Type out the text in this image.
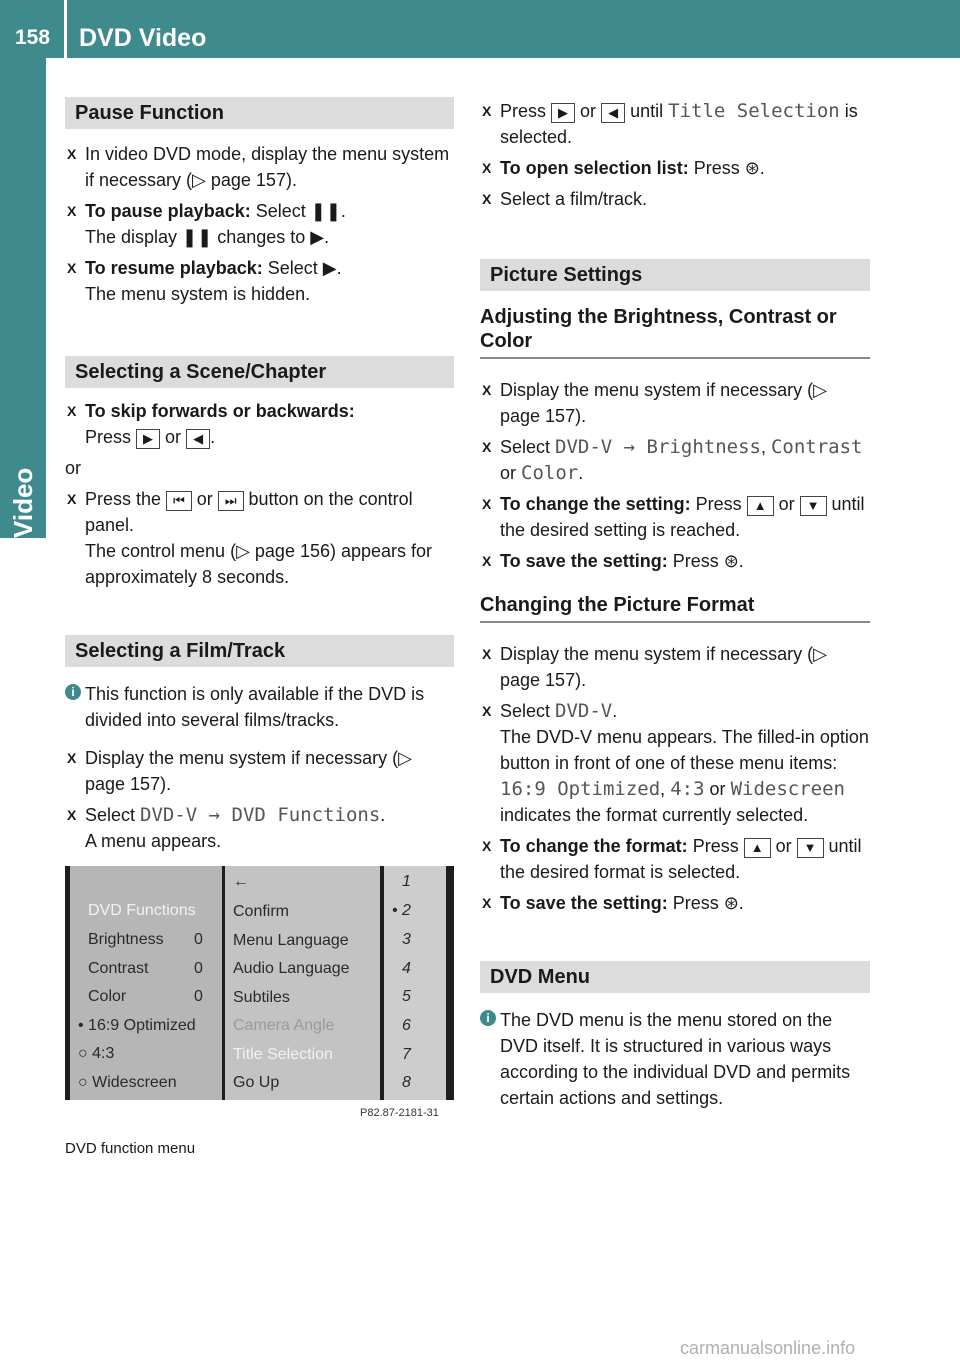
158 DVD Video
Video
Pause Function
X In video DVD mode, display the menu system if necessary (▷ page 157).
X To pause playback: Select ❚❚.
The display ❚❚ changes to ▶.
X To resume playback: Select ▶.
The menu system is hidden.
Selecting a Scene/Chapter
X To skip forwards or backwards:
Press ▶ or ◀ .
or
X Press the ⏮ or ⏭ button on the control panel.
The control menu (▷ page 156) appears for approximately 8 seconds.
Selecting a Film/Track
i This function is only available if the DVD is divided into several films/tracks.
X Display the menu system if necessary (▷ page 157).
X Select DVD-V → DVD Functions.
A menu appears.
DVD Functions
Brightness 0
Contrast	0
Color	0
• 16:9 Optimized
○ 4:3
○ Widescreen
←
Confirm
Menu Language
Audio Language
Subtiles
Camera Angle
Title Selection
Go Up
1
• 2
3
4
5
6
7
8
P82.87-2181-31
DVD function menu
X Press ▶ or ◀ until Title Selection is selected.
X To open selection list: Press ⊛.
X Select a film/track.
Picture Settings
Adjusting the Brightness, Contrast or Color
X Display the menu system if necessary (▷ page 157).
X Select DVD-V → Brightness, Contrast or Color.
X To change the setting: Press ▲ or ▼ until the desired setting is reached.
X To save the setting: Press ⊛.
Changing the Picture Format
X Display the menu system if necessary (▷ page 157).
X Select DVD-V.
The DVD-V menu appears. The filled-in option button in front of one of these menu items: 16:9 Optimized, 4:3 or Widescreen indicates the format currently selected.
X To change the format: Press ▲ or ▼ until the desired format is selected.
X To save the setting: Press ⊛.
DVD Menu
i The DVD menu is the menu stored on the DVD itself. It is structured in various ways according to the individual DVD and permits certain actions and settings.
carmanualsonline.info
